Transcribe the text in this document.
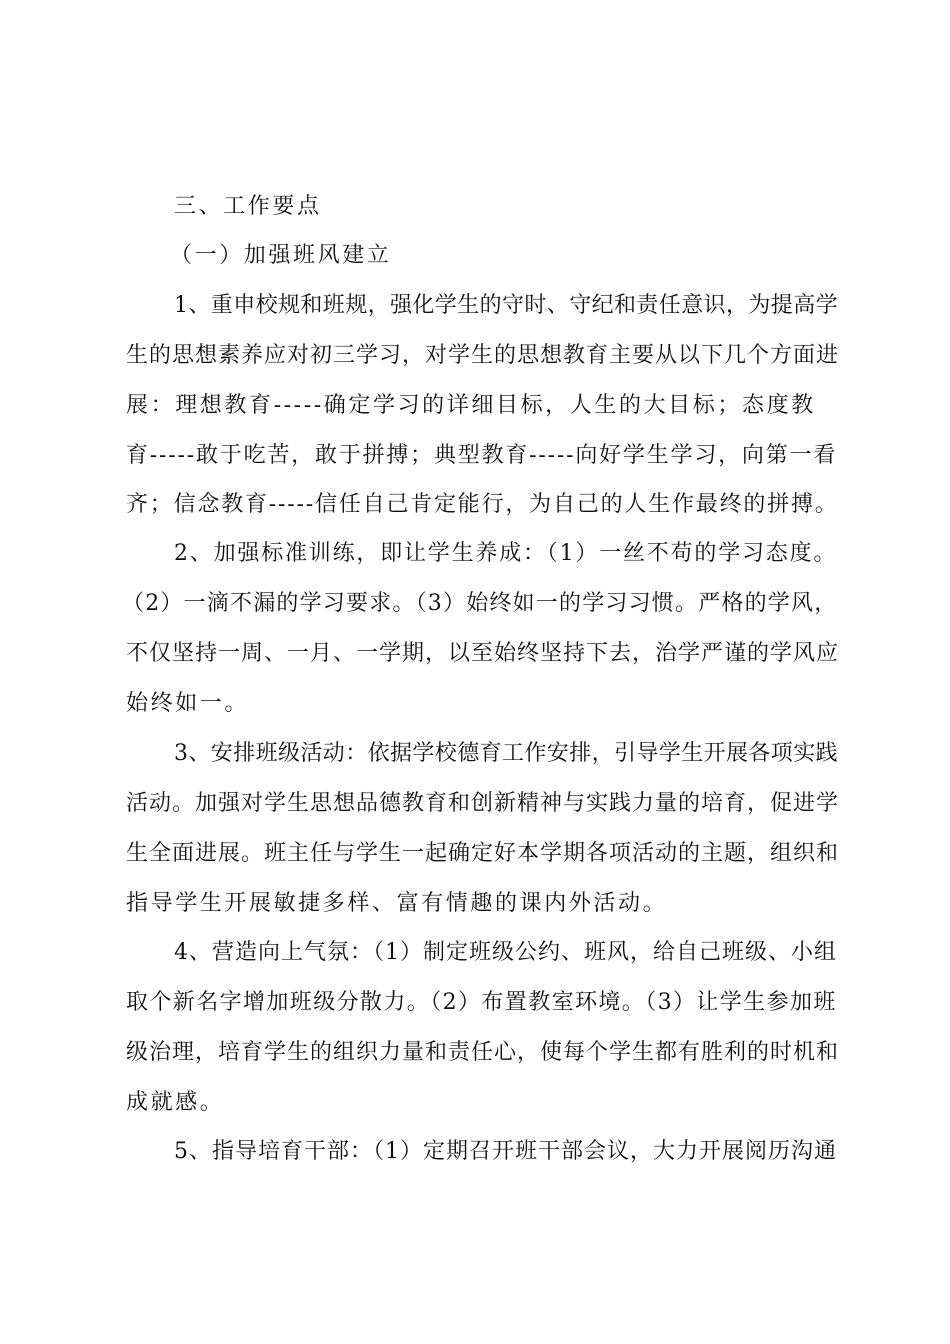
三、工作要点
（一）加强班风建立
1、重申校规和班规，强化学生的守时、守纪和责任意识，为提高学
生的思想素养应对初三学习，对学生的思想教育主要从以下几个方面进
展：理想教育-----确定学习的详细目标，人生的大目标；态度教
育-----敢于吃苦，敢于拼搏；典型教育-----向好学生学习，向第一看
齐；信念教育-----信任自己肯定能行，为自己的人生作最终的拼搏。
2、加强标准训练，即让学生养成：（1）一丝不苟的学习态度。
（2）一滴不漏的学习要求。（3）始终如一的学习习惯。严格的学风，
不仅坚持一周、一月、一学期，以至始终坚持下去，治学严谨的学风应
始终如一。
3、安排班级活动：依据学校德育工作安排，引导学生开展各项实践
活动。加强对学生思想品德教育和创新精神与实践力量的培育，促进学
生全面进展。班主任与学生一起确定好本学期各项活动的主题，组织和
指导学生开展敏捷多样、富有情趣的课内外活动。
4、营造向上气氛：（1）制定班级公约、班风，给自己班级、小组
取个新名字增加班级分散力。（2）布置教室环境。（3）让学生参加班
级治理，培育学生的组织力量和责任心，使每个学生都有胜利的时机和
成就感。
5、指导培育干部：（1）定期召开班干部会议，大力开展阅历沟通
